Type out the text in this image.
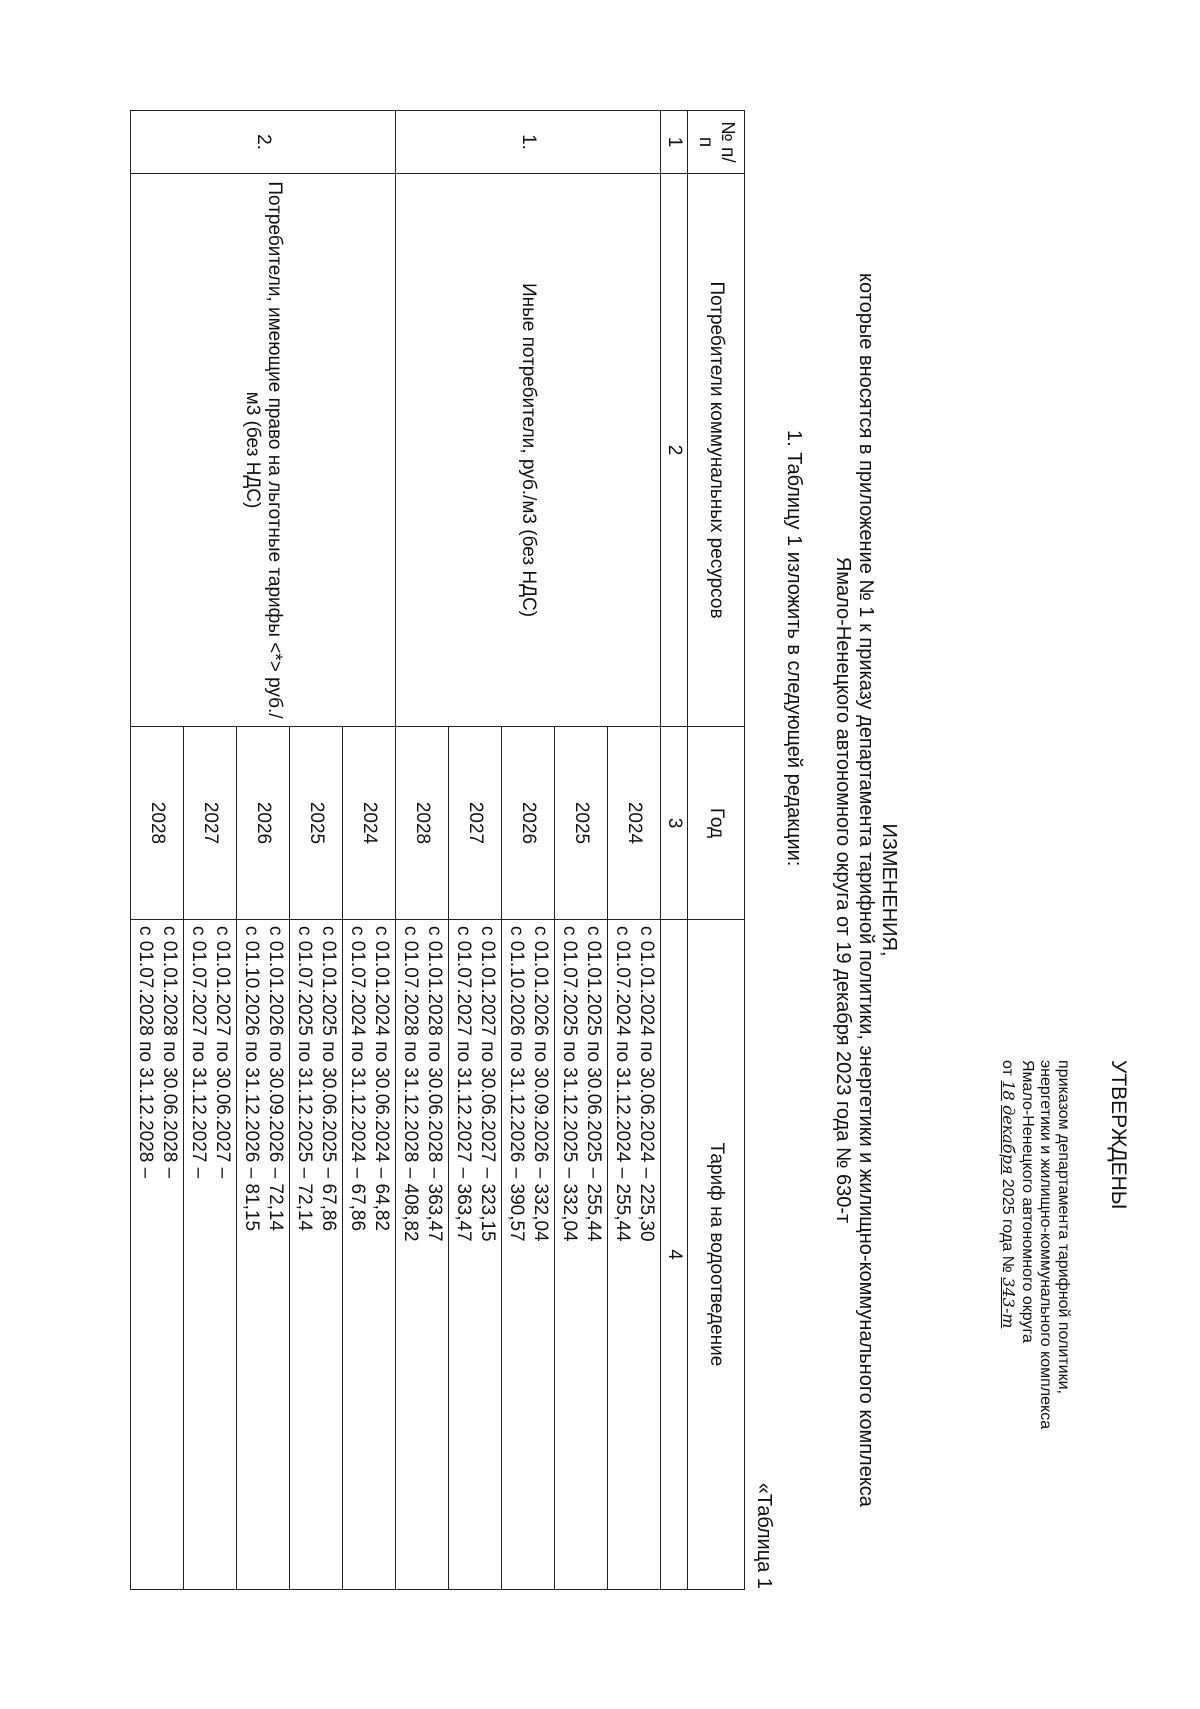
УТВЕРЖДЕНЫ
приказом департамента тарифной политики,
энергетики и жилищно-коммунального комплекса
Ямало-Ненецкого автономного округа
от 18 декабря 2025 года № 343-т
ИЗМЕНЕНИЯ,
которые вносятся в приложение № 1 к приказу департамента тарифной политики, энергетики и жилищно-коммунального комплекса
Ямало-Ненецкого автономного округа от 19 декабря 2023 года № 630-т
1. Таблицу 1 изложить в следующей редакции:
«Таблица 1
№ п/п	Потребители коммунальных ресурсов	Год	Тариф на водоотведение
1	2	3	4
1.	Иные потребители, руб./м3 (без НДС)	2024	с 01.01.2024 по 30.06.2024 – 225,30
с 01.07.2024 по 31.12.2024 – 255,44

		2025	с 01.01.2025 по 30.06.2025 – 255,44
с 01.07.2025 по 31.12.2025 – 332,04

		2026	с 01.01.2026 по 30.09.2026 – 332,04
с 01.10.2026 по 31.12.2026 – 390,57

		2027	с 01.01.2027 по 30.06.2027 – 323,15
с 01.07.2027 по 31.12.2027 – 363,47

		2028	с 01.01.2028 по 30.06.2028 – 363,47
с 01.07.2028 по 31.12.2028 – 408,82

2.	Потребители, имеющие право на льготные тарифы <*> руб./м3 (без НДС)	2024	с 01.01.2024 по 30.06.2024 – 64,82
с 01.07.2024 по 31.12.2024 – 67,86

		2025	с 01.01.2025 по 30.06.2025 – 67,86
с 01.07.2025 по 31.12.2025 – 72,14

		2026	с 01.01.2026 по 30.09.2026 – 72,14
с 01.10.2026 по 31.12.2026 – 81,15

		2027	с 01.01.2027 по 30.06.2027 –
с 01.07.2027 по 31.12.2027 –

		2028	с 01.01.2028 по 30.06.2028 –
с 01.07.2028 по 31.12.2028 –
